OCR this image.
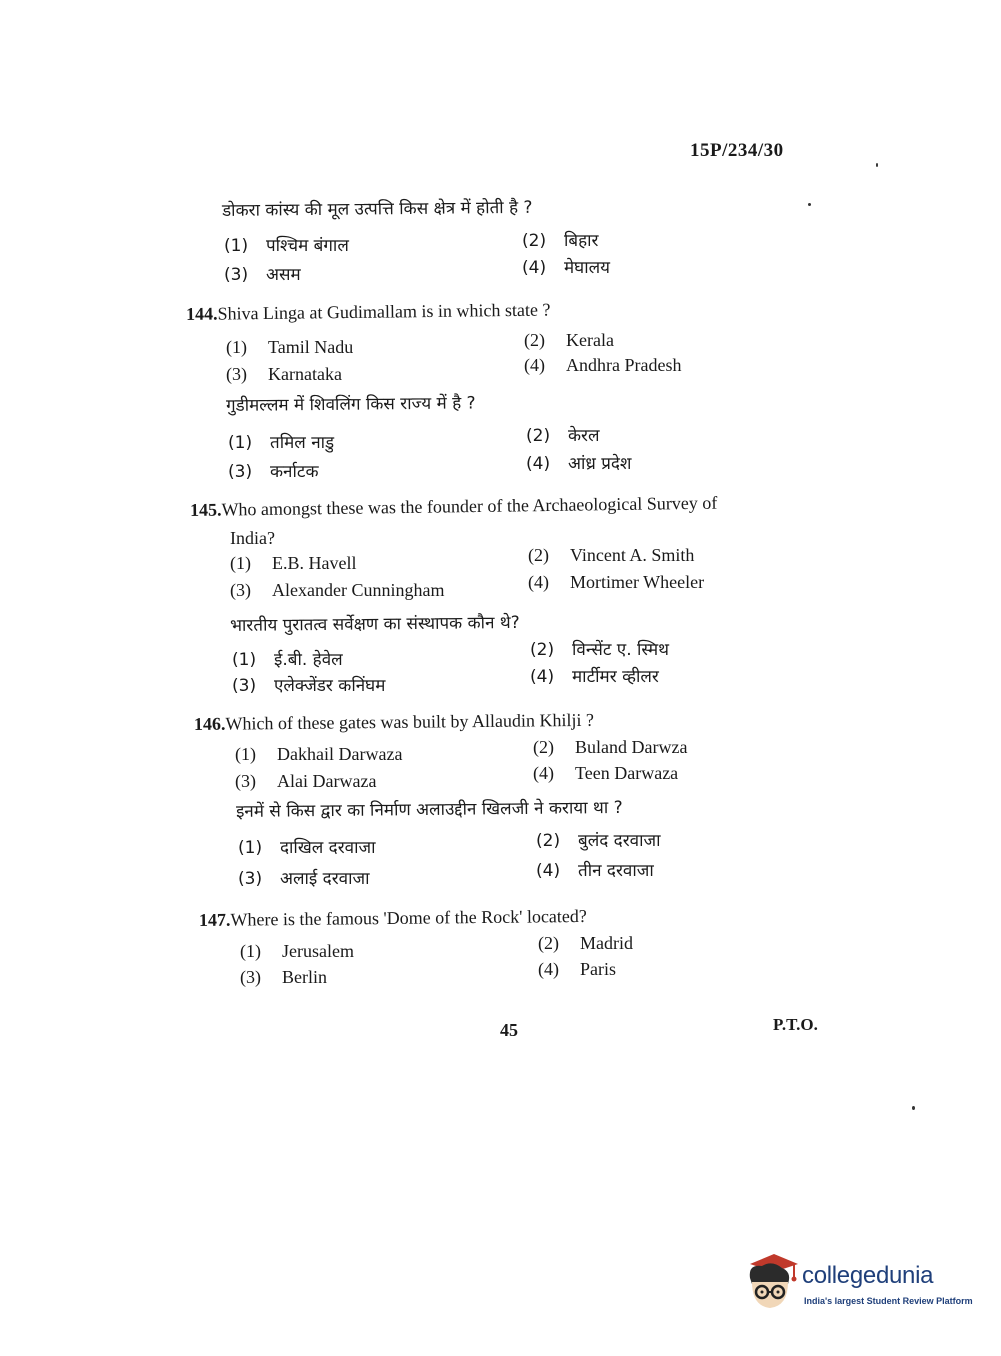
15P/234/30
डोकरा कांस्य की मूल उत्पत्ति किस क्षेत्र में होती है ?
(1) पश्चिम बंगाल	(2) बिहार
(3) असम	(4) मेघालय
144.Shiva Linga at Gudimallam is in which state ?
(1) Tamil Nadu	(2) Kerala
(3) Karnataka	(4) Andhra Pradesh
गुडीमल्लम में शिवलिंग किस राज्य में है ?
(1) तमिल नाडु	(2) केरल
(3) कर्नाटक	(4) आंध्र प्रदेश
145.Who amongst these was the founder of the Archaeological Survey of
India?
(1) E.B. Havell	(2) Vincent A. Smith
(3) Alexander Cunningham	(4) Mortimer Wheeler
भारतीय पुरातत्व सर्वेक्षण का संस्थापक कौन थे?
(1) ई.बी. हेवेल	(2) विन्सेंट ए. स्मिथ
(3) एलेक्जेंडर कनिंघम	(4) मार्टीमर व्हीलर
146.Which of these gates was built by Allaudin Khilji ?
(1) Dakhail Darwaza	(2) Buland Darwza
(3) Alai Darwaza	(4) Teen Darwaza
इनमें से किस द्वार का निर्माण अलाउद्दीन खिलजी ने कराया था ?
(1) दाखिल दरवाजा	(2) बुलंद दरवाजा
(3) अलाई दरवाजा	(4) तीन दरवाजा
147.Where is the famous 'Dome of the Rock' located?
(1) Jerusalem	(2) Madrid
(3) Berlin	(4) Paris
45	P.T.O.
collegedunia
India's largest Student Review Platform
